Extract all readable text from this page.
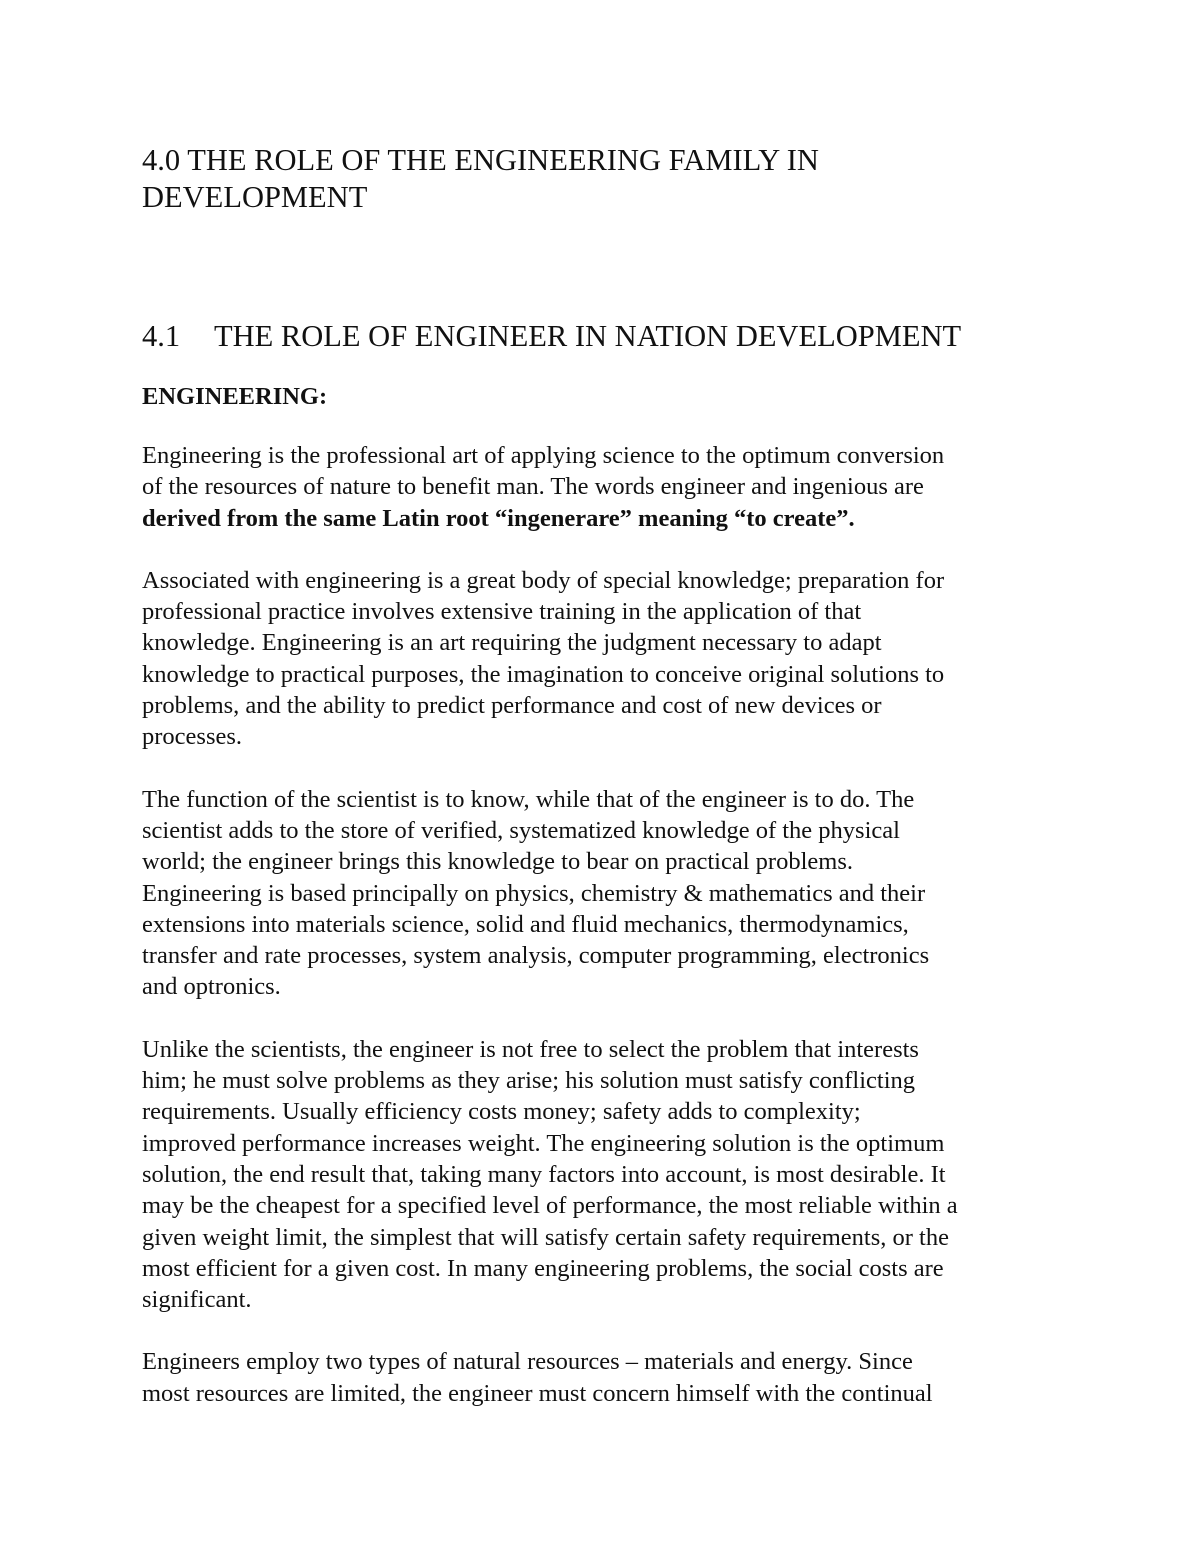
4.0 THE ROLE OF THE ENGINEERING FAMILY IN
DEVELOPMENT
4.1 THE ROLE OF ENGINEER IN NATION DEVELOPMENT

ENGINEERING:

Engineering is the professional art of applying science to the optimum conversion
of the resources of nature to benefit man. The words engineer and ingenious are
derived from the same Latin root “ingenerare” meaning “to create”.

Associated with engineering is a great body of special knowledge; preparation for
professional practice involves extensive training in the application of that
knowledge. Engineering is an art requiring the judgment necessary to adapt
knowledge to practical purposes, the imagination to conceive original solutions to
problems, and the ability to predict performance and cost of new devices or
processes.

The function of the scientist is to know, while that of the engineer is to do. The
scientist adds to the store of verified, systematized knowledge of the physical
world; the engineer brings this knowledge to bear on practical problems.
Engineering is based principally on physics, chemistry & mathematics and their
extensions into materials science, solid and fluid mechanics, thermodynamics,
transfer and rate processes, system analysis, computer programming, electronics
and optronics.

Unlike the scientists, the engineer is not free to select the problem that interests
him; he must solve problems as they arise; his solution must satisfy conflicting
requirements. Usually efficiency costs money; safety adds to complexity;
improved performance increases weight. The engineering solution is the optimum
solution, the end result that, taking many factors into account, is most desirable. It
may be the cheapest for a specified level of performance, the most reliable within a
given weight limit, the simplest that will satisfy certain safety requirements, or the
most efficient for a given cost. In many engineering problems, the social costs are
significant.

Engineers employ two types of natural resources – materials and energy. Since
most resources are limited, the engineer must concern himself with the continual
